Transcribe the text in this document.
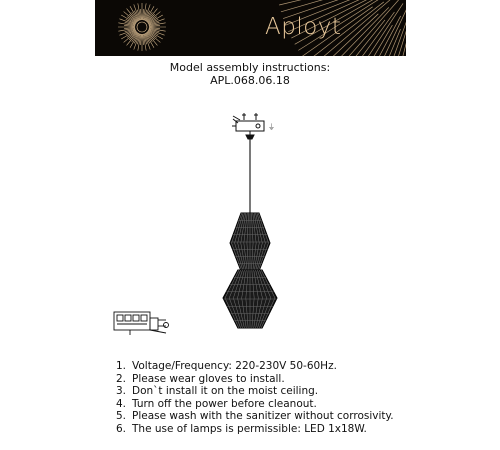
Aployt
Model assembly instructions:
APL.068.06.18
⏚
1. Voltage/Frequency: 220-230V 50-60Hz.
2. Please wear gloves to install.
3. Don`t install it on the moist ceiling.
4. Turn off the power before cleanout.
5. Please wash with the sanitizer without corrosivity.
6. The use of lamps is permissible: LED 1x18W.
